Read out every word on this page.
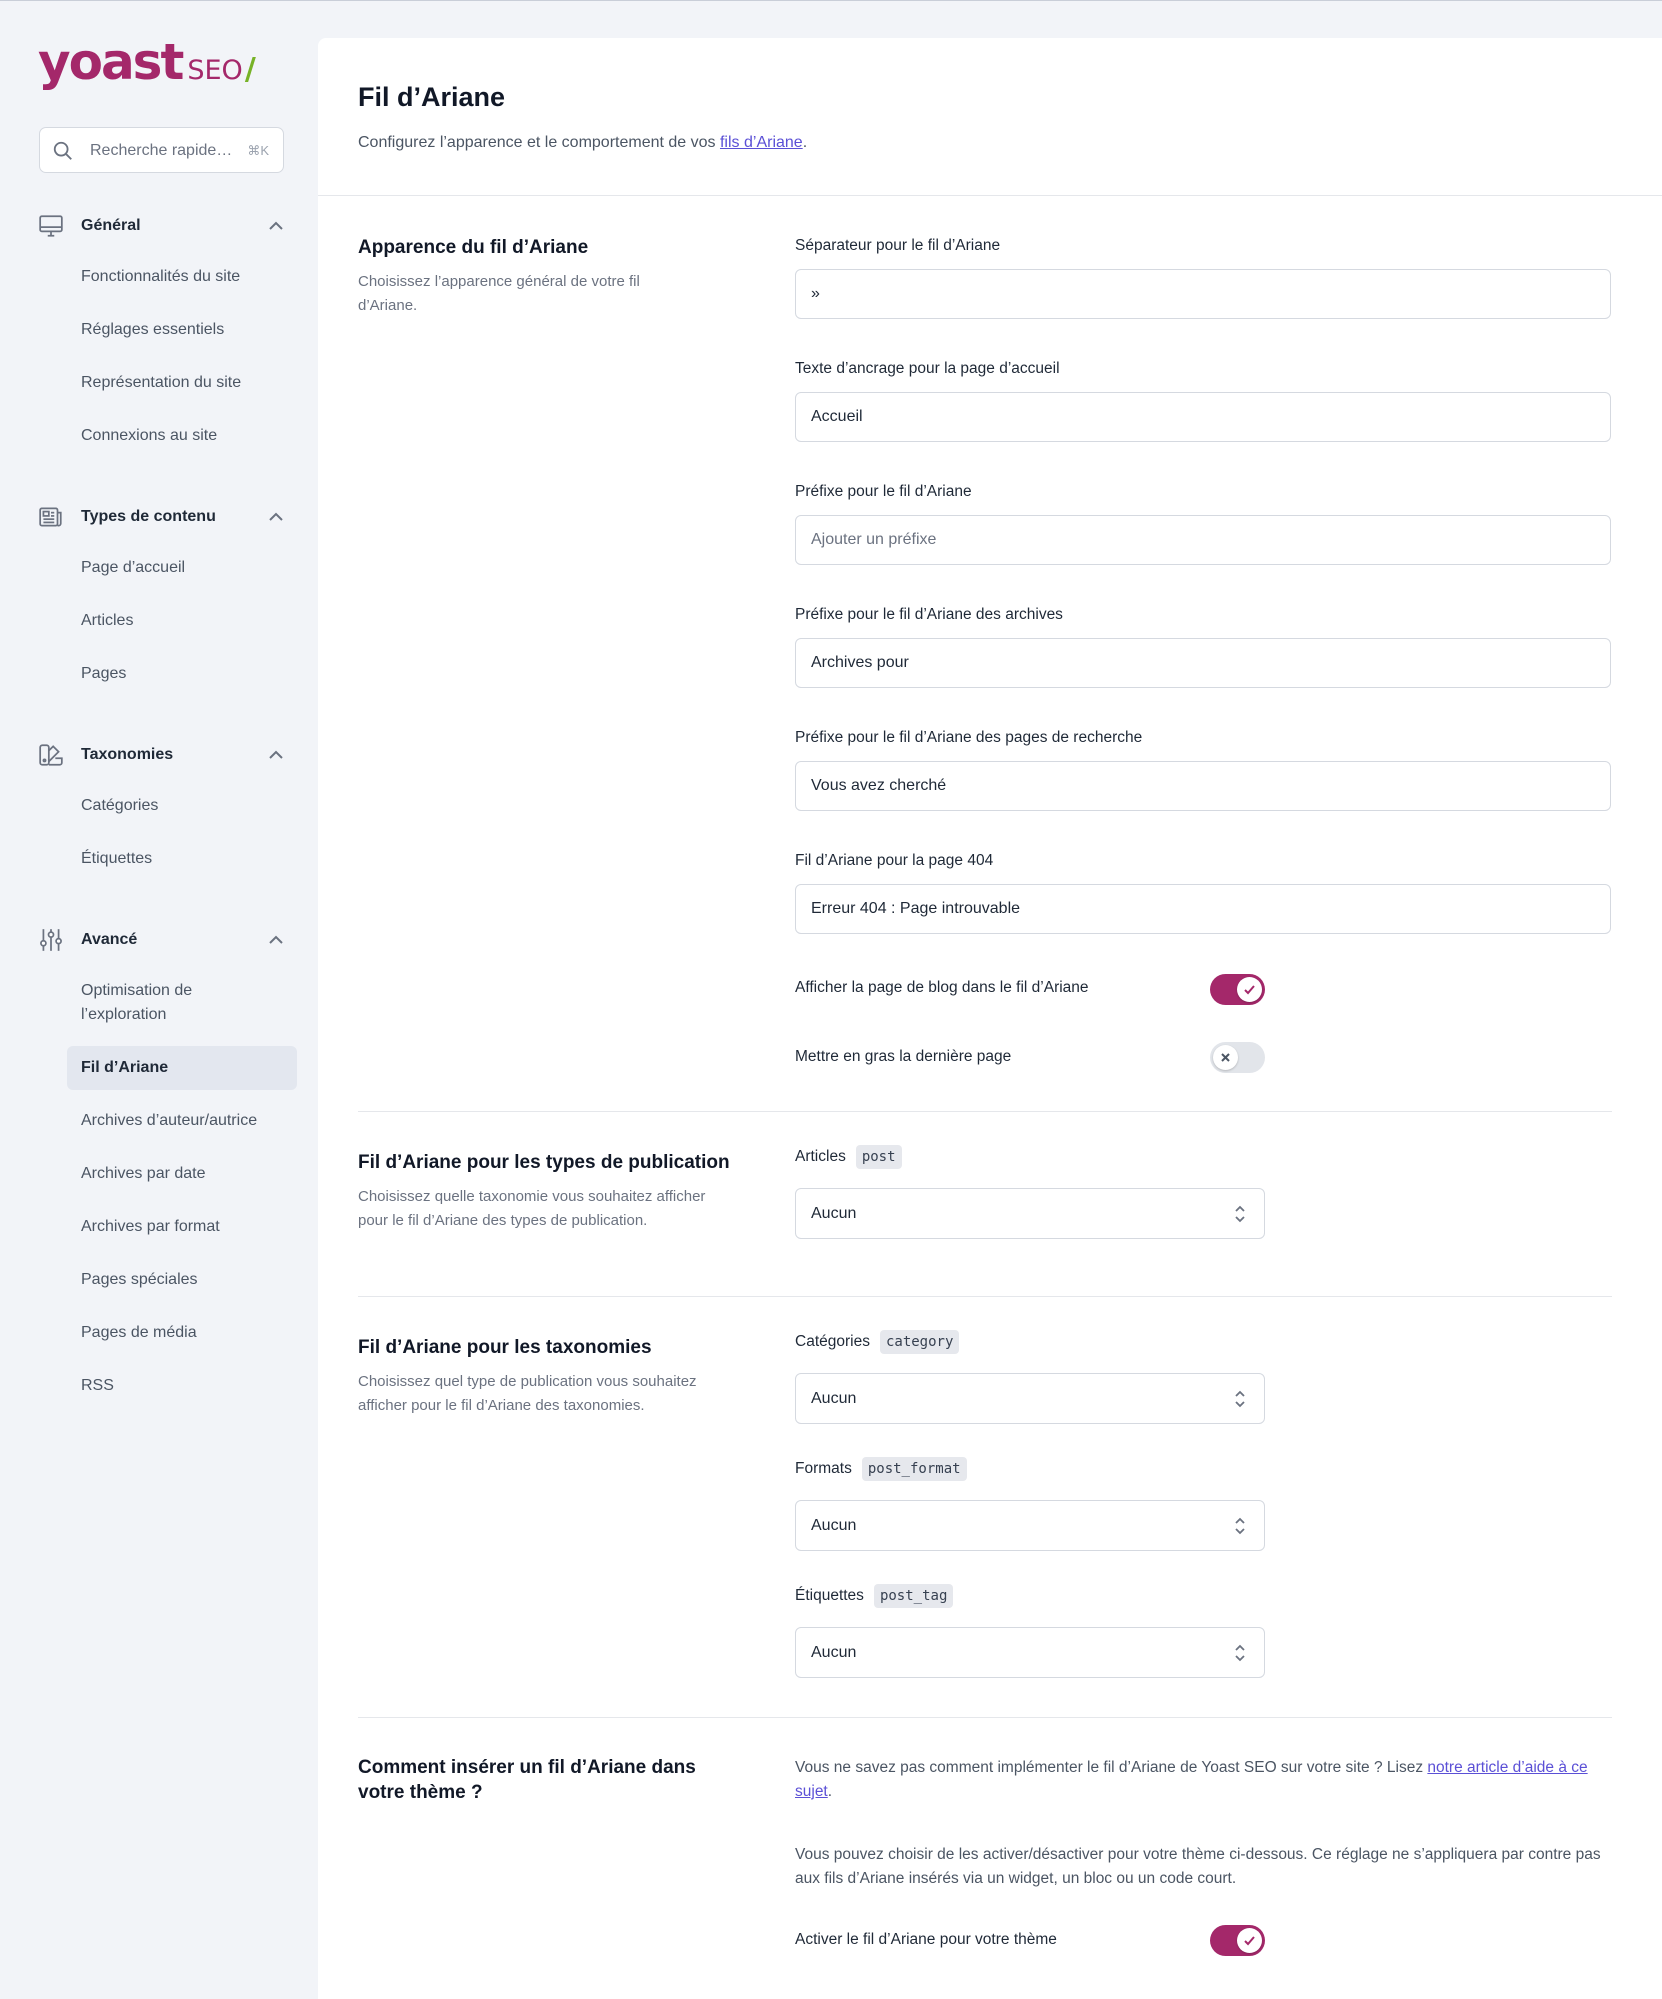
yoast SEO /
Recherche rapide… ⌘K
Général
Fonctionnalités du site
Réglages essentiels
Représentation du site
Connexions au site
Types de contenu
Page d’accueil
Articles
Pages
Taxonomies
Catégories
Étiquettes
Avancé
Optimisation de l’exploration
Fil d’Ariane
Archives d’auteur/autrice
Archives par date
Archives par format
Pages spéciales
Pages de média
RSS
Fil d’Ariane

Configurez l’apparence et le comportement de vos fils d’Ariane.

Apparence du fil d’Ariane

Choisissez l’apparence général de votre fil d’Ariane.

Séparateur pour le fil d’Ariane
»
Texte d’ancrage pour la page d’accueil
Accueil
Préfixe pour le fil d’Ariane
Ajouter un préfixe
Préfixe pour le fil d’Ariane des archives
Archives pour
Préfixe pour le fil d’Ariane des pages de recherche
Vous avez cherché
Fil d’Ariane pour la page 404
Erreur 404 : Page introuvable
Afficher la page de blog dans le fil d’Ariane
Mettre en gras la dernière page
Fil d’Ariane pour les types de publication

Choisissez quelle taxonomie vous souhaitez afficher pour le fil d’Ariane des types de publication.

Articles	post
Aucun
Fil d’Ariane pour les taxonomies

Choisissez quel type de publication vous souhaitez afficher pour le fil d’Ariane des taxonomies.

Catégories	category
Aucun
Formats	post_format
Aucun
Étiquettes	post_tag
Aucun
Comment insérer un fil d’Ariane dans votre thème ?

Vous ne savez pas comment implémenter le fil d’Ariane de Yoast SEO sur votre site ? Lisez notre article d’aide à ce sujet.

Vous pouvez choisir de les activer/désactiver pour votre thème ci-dessous. Ce réglage ne s’appliquera par contre pas aux fils d’Ariane insérés via un widget, un bloc ou un code court.

Activer le fil d’Ariane pour votre thème
